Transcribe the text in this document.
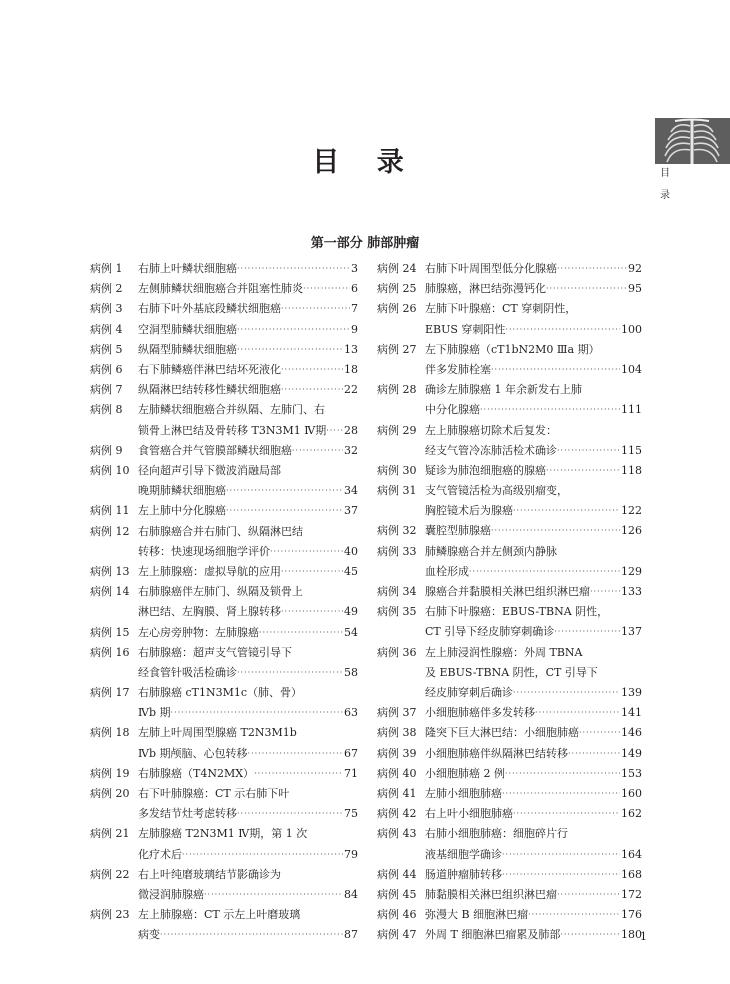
目 录	目
录
第一部分 肺部肿瘤
病例 1	右肺上叶鳞状细胞癌 ·····	3
病例 2	左侧肺鳞状细胞癌合并阻塞性肺炎 ·····	6
病例 3	右肺下叶外基底段鳞状细胞癌 ·····	7
病例 4	空洞型肺鳞状细胞癌 ·····	9
病例 5	纵隔型肺鳞状细胞癌 ·····	13
病例 6	右下肺鳞癌伴淋巴结坏死液化 ·····	18
病例 7	纵隔淋巴结转移性鳞状细胞癌 ·····	22
病例 8	左肺鳞状细胞癌合并纵隔、左肺门、右
锁骨上淋巴结及骨转移 T3N3M1 Ⅳ期 ····· 28
病例 9	食管癌合并气管膜部鳞状细胞癌 ·····	32
病例 10 径向超声引导下微波消融局部
晚期肺鳞状细胞癌 ·····	34
病例 11 左上肺中分化腺癌 ·····	37
病例 12 右肺腺癌合并右肺门、纵隔淋巴结
转移：快速现场细胞学评价 ·····	40
病例 13 左上肺腺癌：虚拟导航的应用 ·····	45
病例 14 右肺腺癌伴左肺门、纵隔及锁骨上
淋巴结、左胸膜、肾上腺转移 ·····	49
病例 15 左心房旁肿物：左肺腺癌 ·····	54
病例 16 右肺腺癌：超声支气管镜引导下
经食管针吸活检确诊 ·····	58
病例 17 右肺腺癌 cT1N3M1c（肺、骨）
Ⅳb 期 ·····	63
病例 18 左肺上叶周围型腺癌 T2N3M1b
Ⅳb 期颅脑、心包转移 ·····	67
病例 19 右肺腺癌（T4N2MX） ·····	71
病例 20 右下叶肺腺癌：CT 示右肺下叶
多发结节灶考虑转移 ·····	75
病例 21 左肺腺癌 T2N3M1 Ⅳ期，第 1 次
化疗术后 ·····	79
病例 22 右上叶纯磨玻璃结节影确诊为
微浸润肺腺癌 ·····	84
病例 23 左上肺腺癌：CT 示左上叶磨玻璃
病变 ·····	87
病例 24 右肺下叶周围型低分化腺癌 ·····	92
病例 25 肺腺癌，淋巴结弥漫钙化 ·····	95
病例 26 左肺下叶腺癌：CT 穿刺阴性，
EBUS 穿刺阳性 ·····	100
病例 27 左下肺腺癌（cT1bN2M0 Ⅲa 期）
伴多发肺栓塞 ·····	104
病例 28 确诊左肺腺癌 1 年余新发右上肺
中分化腺癌 ·····	111
病例 29 左上肺腺癌切除术后复发：
经支气管冷冻肺活检术确诊 ·····	115
病例 30 疑诊为肺泡细胞癌的腺癌 ·····	118
病例 31 支气管镜活检为高级别瘤变，
胸腔镜术后为腺癌 ·····	122
病例 32 囊腔型肺腺癌 ·····	126
病例 33 肺鳞腺癌合并左侧颈内静脉
血栓形成 ·····	129
病例 34 腺癌合并黏膜相关淋巴组织淋巴瘤 ·····	133
病例 35 右肺下叶腺癌：EBUS-TBNA 阴性，
CT 引导下经皮肺穿刺确诊 ·····	137
病例 36 左上肺浸润性腺癌：外周 TBNA
及 EBUS-TBNA 阴性，CT 引导下
经皮肺穿刺后确诊 ·····	139
病例 37 小细胞肺癌伴多发转移 ·····	141
病例 38 隆突下巨大淋巴结：小细胞肺癌 ·····	146
病例 39 小细胞肺癌伴纵隔淋巴结转移 ·····	149
病例 40 小细胞肺癌 2 例 ·····	153
病例 41 左肺小细胞肺癌 ·····	160
病例 42 右上叶小细胞肺癌 ·····	162
病例 43 右肺小细胞肺癌：细胞碎片行
液基细胞学确诊 ·····	164
病例 44 肠道肿瘤肺转移 ·····	168
病例 45 肺黏膜相关淋巴组织淋巴瘤 ·····	172
病例 46 弥漫大 B 细胞淋巴瘤 ·····	176
病例 47 外周 T 细胞淋巴瘤累及肺部 ·····	180
1
